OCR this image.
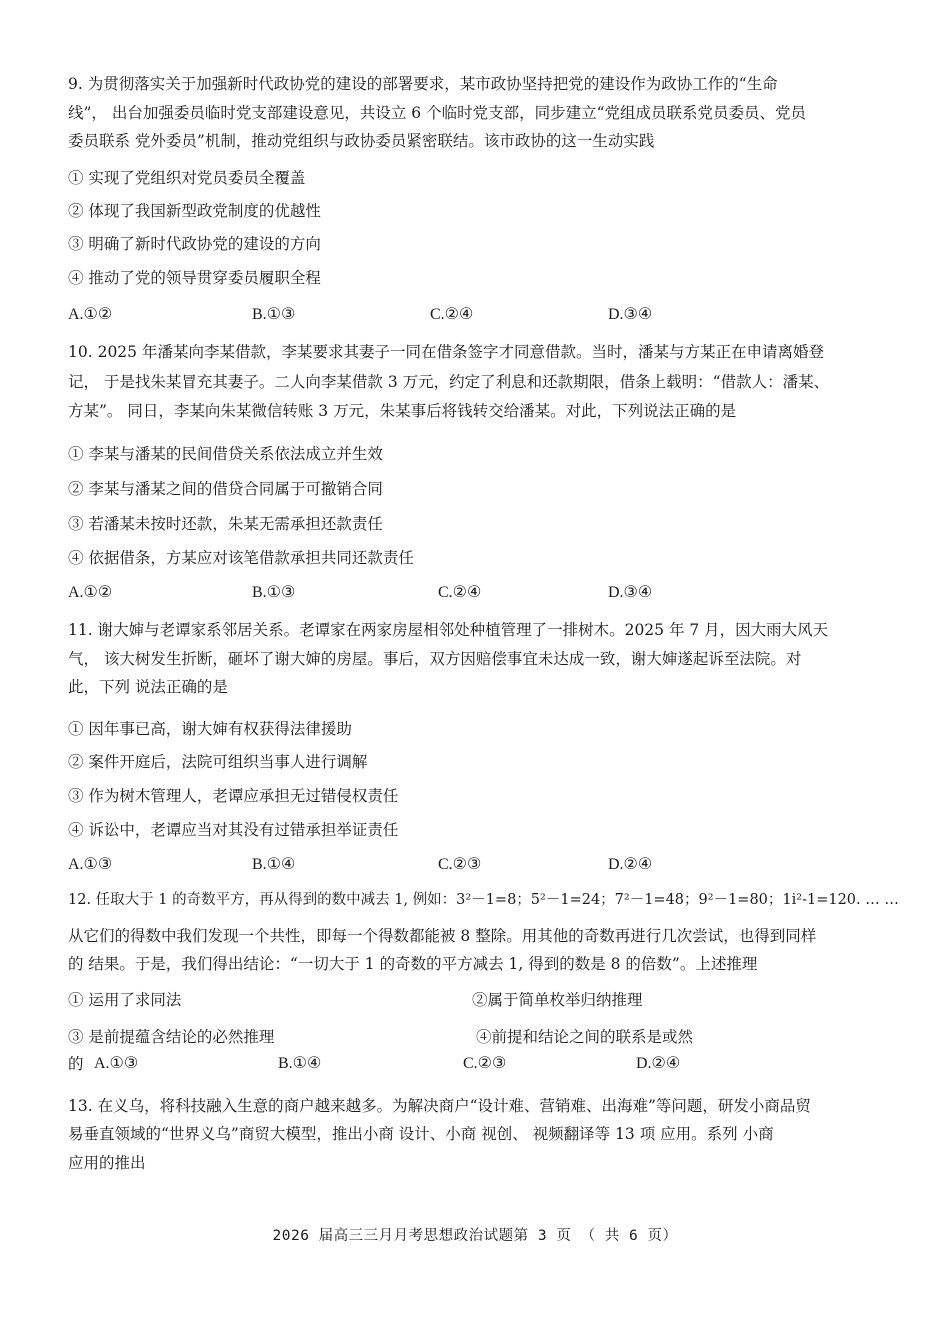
9. 为贯彻落实关于加强新时代政协党的建设的部署要求，某市政协坚持把党的建设作为政协工作的“生命
线”， 出台加强委员临时党支部建设意见，共设立 6 个临时党支部，同步建立“党组成员联系党员委员、党员
委员联系 党外委员”机制，推动党组织与政协委员紧密联结。该市政协的这一生动实践
① 实现了党组织对党员委员全覆盖
② 体现了我国新型政党制度的优越性
③ 明确了新时代政协党的建设的方向
④ 推动了党的领导贯穿委员履职全程
A.①②	B.①③	C.②④	D.③④
10. 2025 年潘某向李某借款，李某要求其妻子一同在借条签字才同意借款。当时，潘某与方某正在申请离婚登
记， 于是找朱某冒充其妻子。二人向李某借款 3 万元，约定了利息和还款期限，借条上载明：“借款人：潘某、
方某”。 同日，李某向朱某微信转账 3 万元，朱某事后将钱转交给潘某。对此，下列说法正确的是
① 李某与潘某的民间借贷关系依法成立并生效
② 李某与潘某之间的借贷合同属于可撤销合同
③ 若潘某未按时还款，朱某无需承担还款责任
④ 依据借条，方某应对该笔借款承担共同还款责任
A.①②	B.①③	C.②④	D.③④
11. 谢大婶与老谭家系邻居关系。老谭家在两家房屋相邻处种植管理了一排树木。2025 年 7 月，因大雨大风天
气， 该大树发生折断，砸坏了谢大婶的房屋。事后，双方因赔偿事宜未达成一致，谢大婶遂起诉至法院。对
此，下列 说法正确的是
① 因年事已高，谢大婶有权获得法律援助
② 案件开庭后，法院可组织当事人进行调解
③ 作为树木管理人，老谭应承担无过错侵权责任
④ 诉讼中，老谭应当对其没有过错承担举证责任
A.①③	B.①④	C.②③	D.②④
12. 任取大于 1 的奇数平方，再从得到的数中减去 1, 例如：3²－1=8；5²－1=24；7²－1=48；9²－1=80；1i²-1=120. … …
从它们的得数中我们发现一个共性，即每一个得数都能被 8 整除。用其他的奇数再进行几次尝试，也得到同样
的 结果。于是，我们得出结论：“一切大于 1 的奇数的平方减去 1, 得到的数是 8 的倍数”。上述推理
① 运用了求同法	②属于简单枚举归纳推理
③ 是前提蕴含结论的必然推理	④前提和结论之间的联系是或然
的 A.①③	B.①④	C.②③	D.②④
13. 在义乌，将科技融入生意的商户越来越多。为解决商户“设计难、营销难、出海难”等问题，研发小商品贸
易垂直领域的“世界义乌”商贸大模型，推出小商 设计、小商 视创、 视频翻译等 13 项 应用。系列 小商
应用的推出
2026 届高三三月月考思想政治试题第 3 页 （ 共 6 页）
